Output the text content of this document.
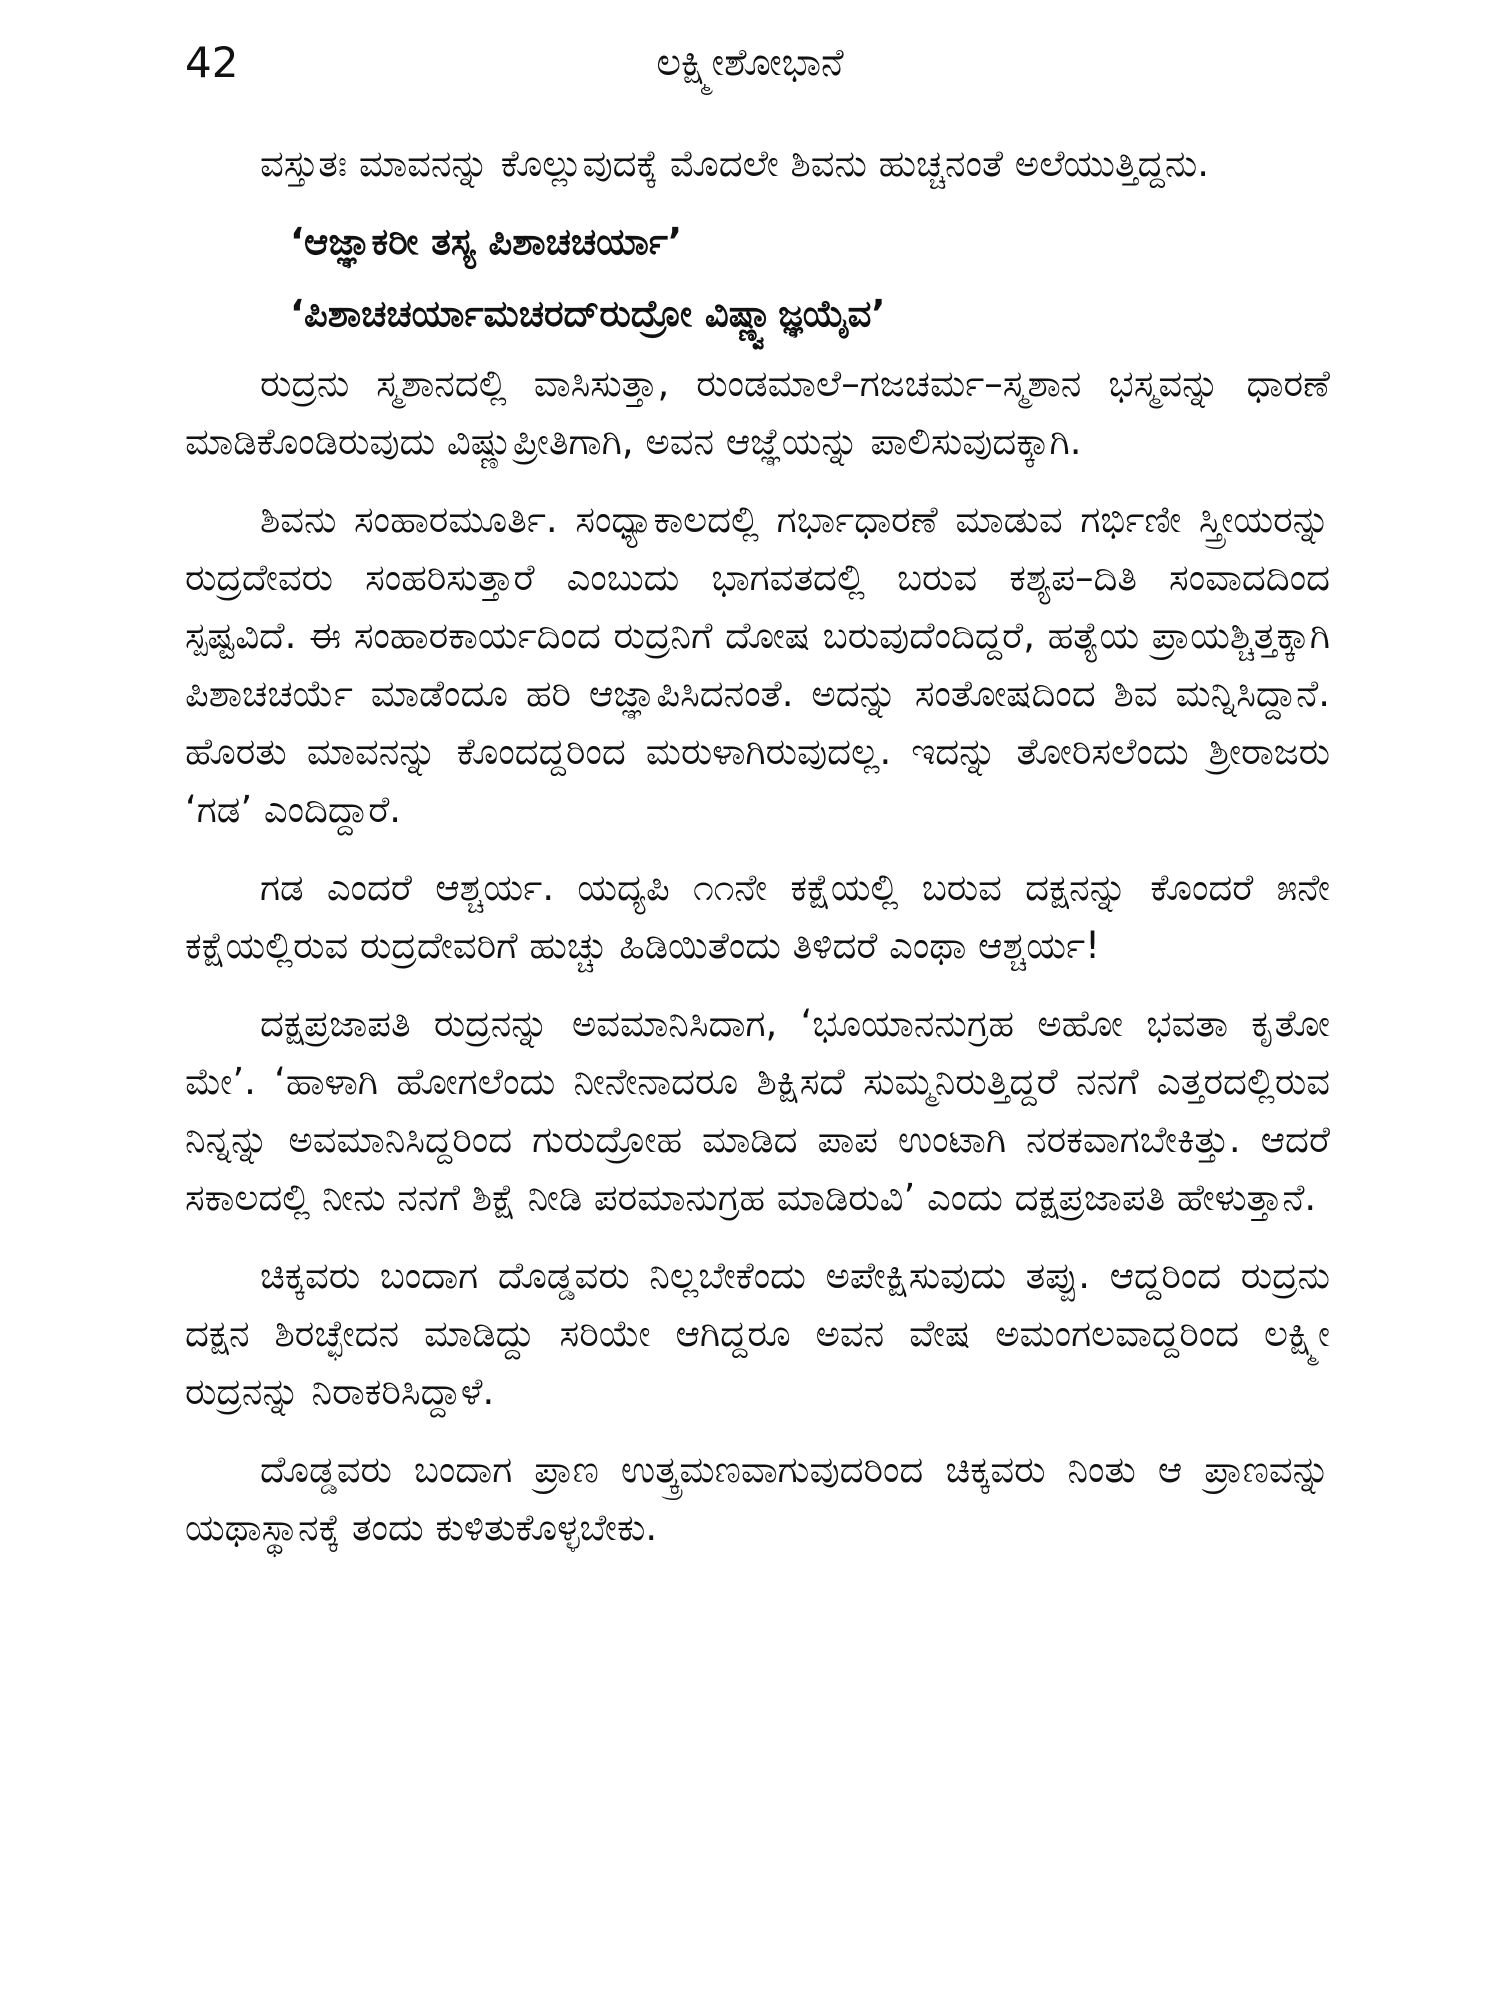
42	ಲಕ್ಷ್ಮೀಶೋಭಾನೆ

ವಸ್ತುತಃ ಮಾವನನ್ನು ಕೊಲ್ಲುವುದಕ್ಕೆ ಮೊದಲೇ ಶಿವನು ಹುಚ್ಚನಂತೆ ಅಲೆಯುತ್ತಿದ್ದನು.

‘ಆಜ್ಞಾಕರೀ ತಸ್ಯ ಪಿಶಾಚಚರ್ಯಾ’
‘ಪಿಶಾಚಚರ್ಯಾಮಚರದ್‌ರುದ್ರೋ ವಿಷ್ಣ್ವಾಜ್ಞಯೈವ’

ರುದ್ರನು ಸ್ಮಶಾನದಲ್ಲಿ ವಾಸಿಸುತ್ತಾ, ರುಂಡಮಾಲೆ–ಗಜಚರ್ಮ–ಸ್ಮಶಾನ ಭಸ್ಮವನ್ನು ಧಾರಣೆ ಮಾಡಿಕೊಂಡಿರುವುದು ವಿಷ್ಣುಪ್ರೀತಿಗಾಗಿ, ಅವನ ಆಜ್ಞೆಯನ್ನು ಪಾಲಿಸುವುದಕ್ಕಾಗಿ.

ಶಿವನು ಸಂಹಾರಮೂರ್ತಿ. ಸಂಧ್ಯಾಕಾಲದಲ್ಲಿ ಗರ್ಭಾಧಾರಣೆ ಮಾಡುವ ಗರ್ಭಿಣೀ ಸ್ತ್ರೀಯರನ್ನು ರುದ್ರದೇವರು ಸಂಹರಿಸುತ್ತಾರೆ ಎಂಬುದು ಭಾಗವತದಲ್ಲಿ ಬರುವ ಕಶ್ಯಪ–ದಿತಿ ಸಂವಾದದಿಂದ ಸ್ಪಷ್ಟವಿದೆ. ಈ ಸಂಹಾರಕಾರ್ಯದಿಂದ ರುದ್ರನಿಗೆ ದೋಷ ಬರುವುದೆಂದಿದ್ದರೆ, ಹತ್ಯೆಯ ಪ್ರಾಯಶ್ಚಿತ್ತಕ್ಕಾಗಿ ಪಿಶಾಚಚರ್ಯೆ ಮಾಡೆಂದೂ ಹರಿ ಆಜ್ಞಾಪಿಸಿದನಂತೆ. ಅದನ್ನು ಸಂತೋಷದಿಂದ ಶಿವ ಮನ್ನಿಸಿದ್ದಾನೆ. ಹೊರತು ಮಾವನನ್ನು ಕೊಂದದ್ದರಿಂದ ಮರುಳಾಗಿರುವುದಲ್ಲ. ಇದನ್ನು ತೋರಿಸಲೆಂದು ಶ್ರೀರಾಜರು ‘ಗಡ’ ಎಂದಿದ್ದಾರೆ.

ಗಡ ಎಂದರೆ ಆಶ್ಚರ್ಯ. ಯದ್ಯಪಿ ೧೧ನೇ ಕಕ್ಷೆಯಲ್ಲಿ ಬರುವ ದಕ್ಷನನ್ನು ಕೊಂದರೆ ೫ನೇ ಕಕ್ಷೆಯಲ್ಲಿರುವ ರುದ್ರದೇವರಿಗೆ ಹುಚ್ಚು ಹಿಡಿಯಿತೆಂದು ತಿಳಿದರೆ ಎಂಥಾ ಆಶ್ಚರ್ಯ!

ದಕ್ಷಪ್ರಜಾಪತಿ ರುದ್ರನನ್ನು ಅವಮಾನಿಸಿದಾಗ, ‘ಭೂಯಾನನುಗ್ರಹ ಅಹೋ ಭವತಾ ಕೃತೋ ಮೇ’. ‘ಹಾಳಾಗಿ ಹೋಗಲೆಂದು ನೀನೇನಾದರೂ ಶಿಕ್ಷಿಸದೆ ಸುಮ್ಮನಿರುತ್ತಿದ್ದರೆ ನನಗೆ ಎತ್ತರದಲ್ಲಿರುವ ನಿನ್ನನ್ನು ಅವಮಾನಿಸಿದ್ದರಿಂದ ಗುರುದ್ರೋಹ ಮಾಡಿದ ಪಾಪ ಉಂಟಾಗಿ ನರಕವಾಗಬೇಕಿತ್ತು. ಆದರೆ ಸಕಾಲದಲ್ಲಿ ನೀನು ನನಗೆ ಶಿಕ್ಷೆ ನೀಡಿ ಪರಮಾನುಗ್ರಹ ಮಾಡಿರುವಿ’ ಎಂದು ದಕ್ಷಪ್ರಜಾಪತಿ ಹೇಳುತ್ತಾನೆ.

ಚಿಕ್ಕವರು ಬಂದಾಗ ದೊಡ್ಡವರು ನಿಲ್ಲಬೇಕೆಂದು ಅಪೇಕ್ಷಿಸುವುದು ತಪ್ಪು. ಆದ್ದರಿಂದ ರುದ್ರನು ದಕ್ಷನ ಶಿರಚ್ಛೇದನ ಮಾಡಿದ್ದು ಸರಿಯೇ ಆಗಿದ್ದರೂ ಅವನ ವೇಷ ಅಮಂಗಲವಾದ್ದರಿಂದ ಲಕ್ಷ್ಮೀ ರುದ್ರನನ್ನು ನಿರಾಕರಿಸಿದ್ದಾಳೆ.

ದೊಡ್ಡವರು ಬಂದಾಗ ಪ್ರಾಣ ಉತ್ಕ್ರಮಣವಾಗುವುದರಿಂದ ಚಿಕ್ಕವರು ನಿಂತು ಆ ಪ್ರಾಣವನ್ನು ಯಥಾಸ್ಥಾನಕ್ಕೆ ತಂದು ಕುಳಿತುಕೊಳ್ಳಬೇಕು.
